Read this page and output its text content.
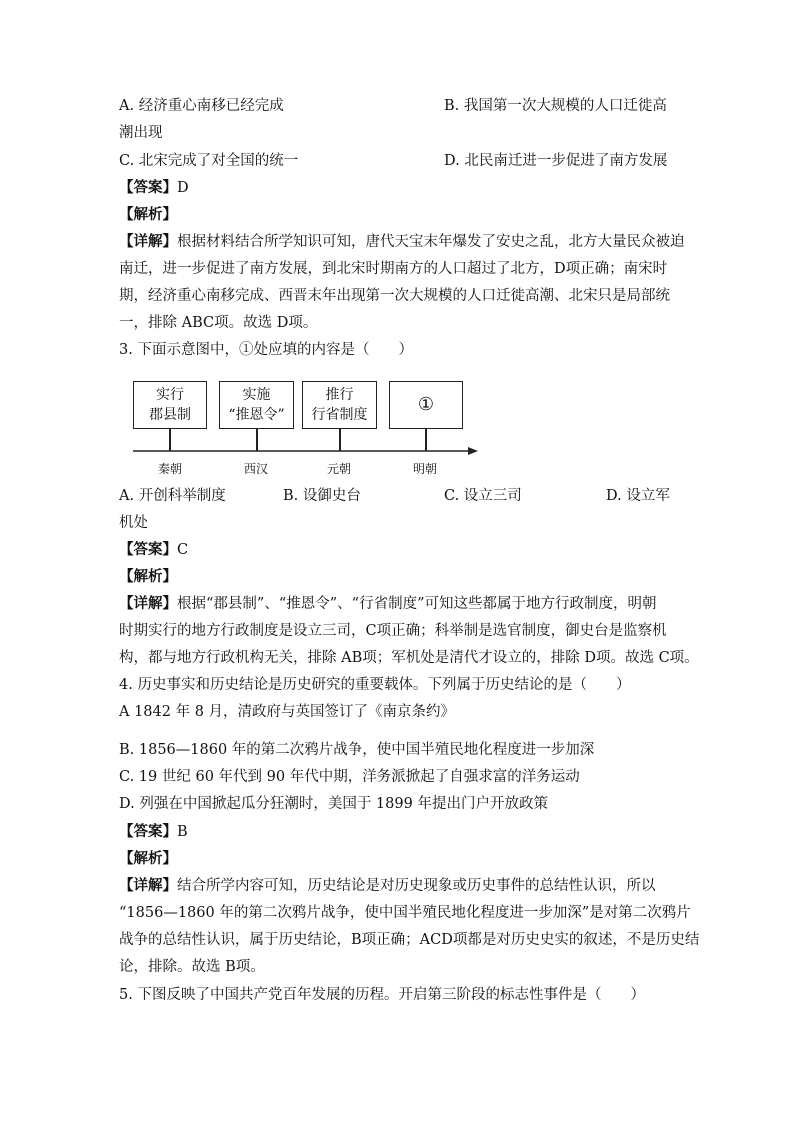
A. 经济重心南移已经完成	B. 我国第一次大规模的人口迁徙高
潮出现
C. 北宋完成了对全国的统一	D. 北民南迁进一步促进了南方发展
【答案】D
【解析】
【详解】根据材料结合所学知识可知，唐代天宝末年爆发了安史之乱，北方大量民众被迫
南迁，进一步促进了南方发展，到北宋时期南方的人口超过了北方，D项正确；南宋时
期，经济重心南移完成、西晋末年出现第一次大规模的人口迁徙高潮、北宋只是局部统
一，排除 ABC项。故选 D项。
3. 下面示意图中，①处应填的内容是（　　）
实行
郡县制
实施
“推恩令”
推行
行省制度	①
秦朝	西汉	元朝	明朝
A. 开创科举制度	B. 设御史台	C. 设立三司	D. 设立军
机处
【答案】C
【解析】
【详解】根据“郡县制”、“推恩令”、“行省制度”可知这些都属于地方行政制度，明朝
时期实行的地方行政制度是设立三司，C项正确；科举制是选官制度，御史台是监察机
构，都与地方行政机构无关，排除 AB项；军机处是清代才设立的，排除 D项。故选 C项。
4. 历史事实和历史结论是历史研究的重要载体。下列属于历史结论的是（　　）
A 1842 年 8 月，清政府与英国签订了《南京条约》
B. 1856—1860 年的第二次鸦片战争，使中国半殖民地化程度进一步加深
C. 19 世纪 60 年代到 90 年代中期，洋务派掀起了自强求富的洋务运动
D. 列强在中国掀起瓜分狂潮时，美国于 1899 年提出门户开放政策
【答案】B
【解析】
【详解】结合所学内容可知，历史结论是对历史现象或历史事件的总结性认识，所以
“1856—1860 年的第二次鸦片战争，使中国半殖民地化程度进一步加深”是对第二次鸦片
战争的总结性认识，属于历史结论，B项正确；ACD项都是对历史史实的叙述，不是历史结
论，排除。故选 B项。
5. 下图反映了中国共产党百年发展的历程。开启第三阶段的标志性事件是（　　）
